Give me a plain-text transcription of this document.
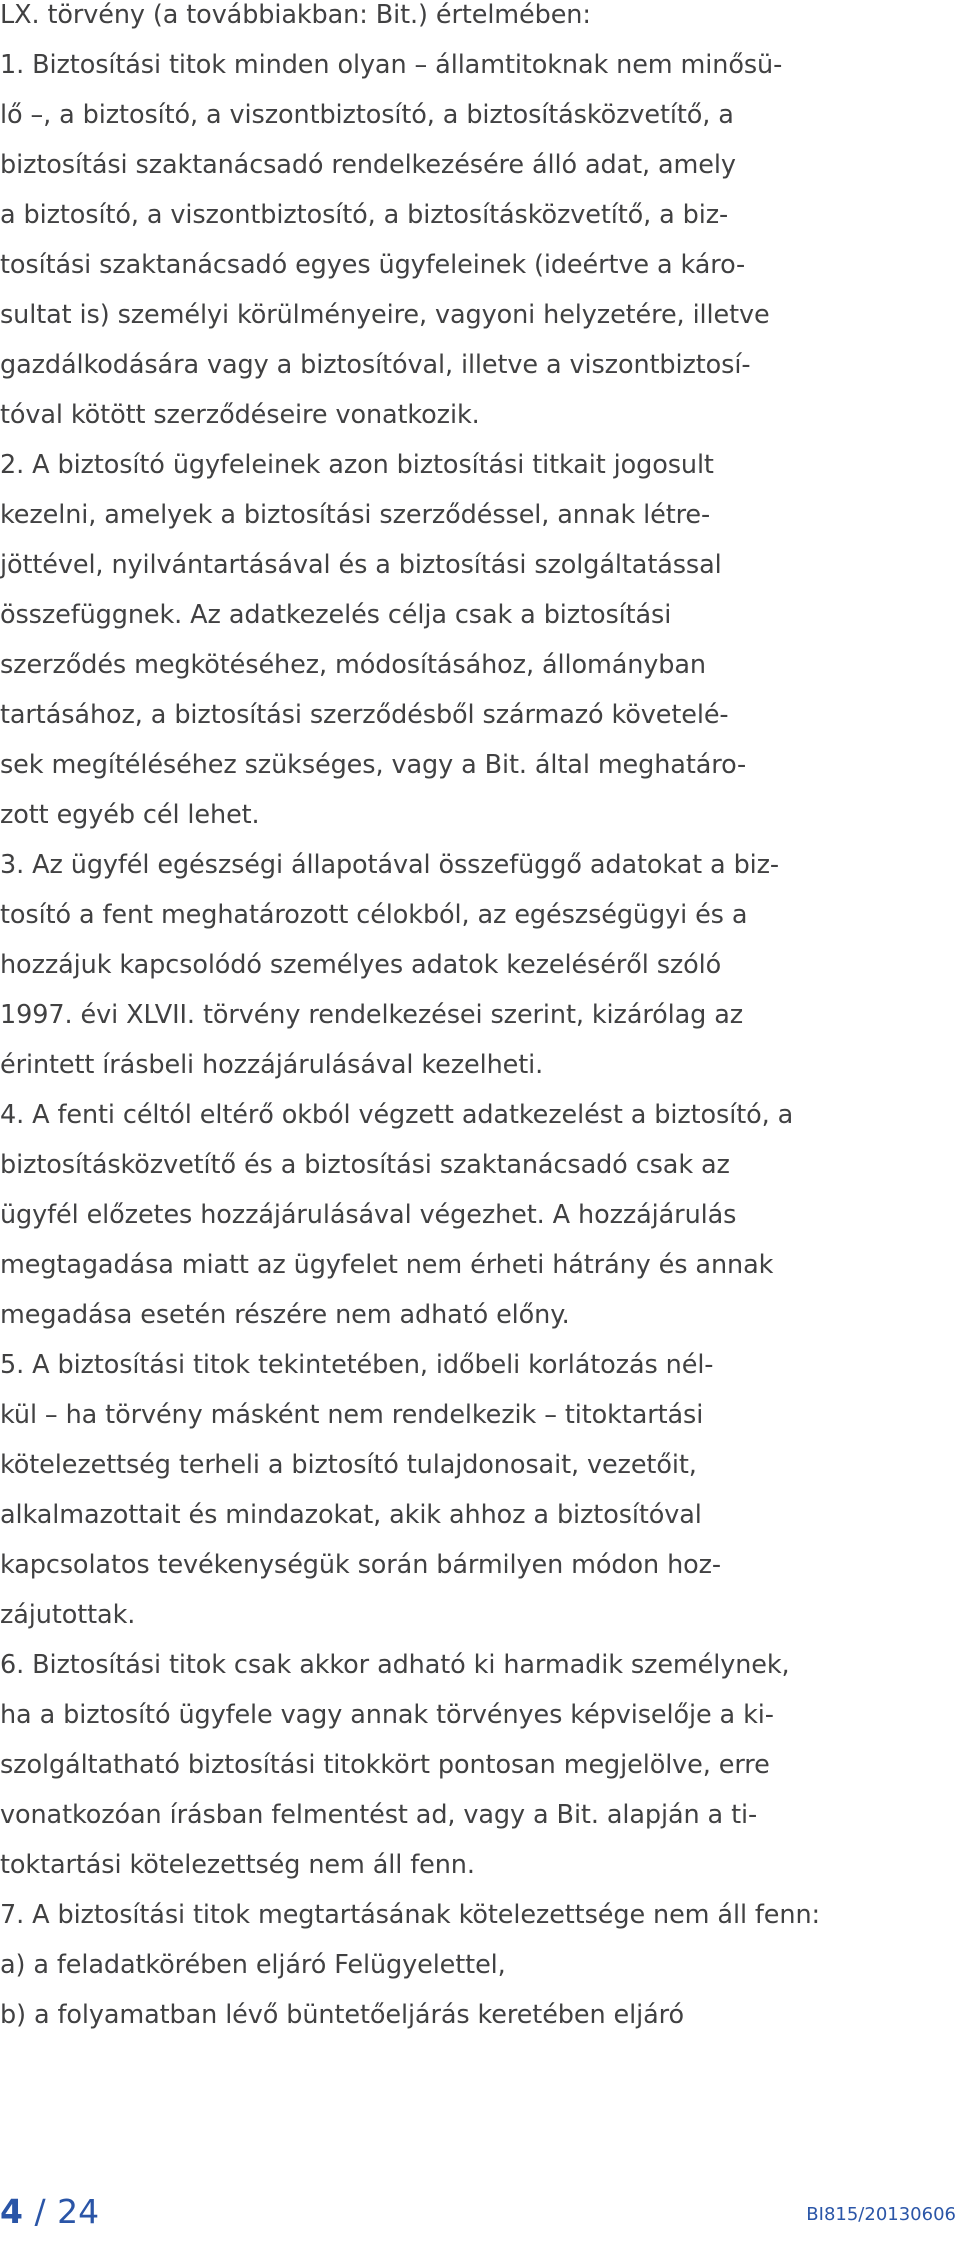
LX. törvény (a továbbiakban: Bit.) értelmében:
1. Biztosítási titok minden olyan – államtitoknak nem minősü-
lő –, a biztosító, a viszontbiztosító, a biztosításközvetítő, a
biztosítási szaktanácsadó rendelkezésére álló adat, amely
a biztosító, a viszontbiztosító, a biztosításközvetítő, a biz-
tosítási szaktanácsadó egyes ügyfeleinek (ideértve a káro-
sultat is) személyi körülményeire, vagyoni helyzetére, illetve
gazdálkodására vagy a biztosítóval, illetve a viszontbiztosí-
tóval kötött szerződéseire vonatkozik.
2. A biztosító ügyfeleinek azon biztosítási titkait jogosult
kezelni, amelyek a biztosítási szerződéssel, annak létre-
jöttével, nyilvántartásával és a biztosítási szolgáltatással
összefüggnek. Az adatkezelés célja csak a biztosítási
szerződés megkötéséhez, módosításához, állományban
tartásához, a biztosítási szerződésből származó követelé-
sek megítéléséhez szükséges, vagy a Bit. által meghatáro-
zott egyéb cél lehet.
3. Az ügyfél egészségi állapotával összefüggő adatokat a biz-
tosító a fent meghatározott célokból, az egészségügyi és a
hozzájuk kapcsolódó személyes adatok kezeléséről szóló
1997. évi XLVII. törvény rendelkezései szerint, kizárólag az
érintett írásbeli hozzájárulásával kezelheti.
4. A fenti céltól eltérő okból végzett adatkezelést a biztosító, a
biztosításközvetítő és a biztosítási szaktanácsadó csak az
ügyfél előzetes hozzájárulásával végezhet. A hozzájárulás
megtagadása miatt az ügyfelet nem érheti hátrány és annak
megadása esetén részére nem adható előny.
5. A biztosítási titok tekintetében, időbeli korlátozás nél-
kül – ha törvény másként nem rendelkezik – titoktartási
kötelezettség terheli a biztosító tulajdonosait, vezetőit,
alkalmazottait és mindazokat, akik ahhoz a biztosítóval
kapcsolatos tevékenységük során bármilyen módon hoz-
zájutottak.
6. Biztosítási titok csak akkor adható ki harmadik személynek,
ha a biztosító ügyfele vagy annak törvényes képviselője a ki-
szolgáltatható biztosítási titokkört pontosan megjelölve, erre
vonatkozóan írásban felmentést ad, vagy a Bit. alapján a ti-
toktartási kötelezettség nem áll fenn.
7. A biztosítási titok megtartásának kötelezettsége nem áll fenn:
a) a feladatkörében eljáró Felügyelettel,
b) a folyamatban lévő büntetőeljárás keretében eljáró
4 / 24	BI815/20130606
